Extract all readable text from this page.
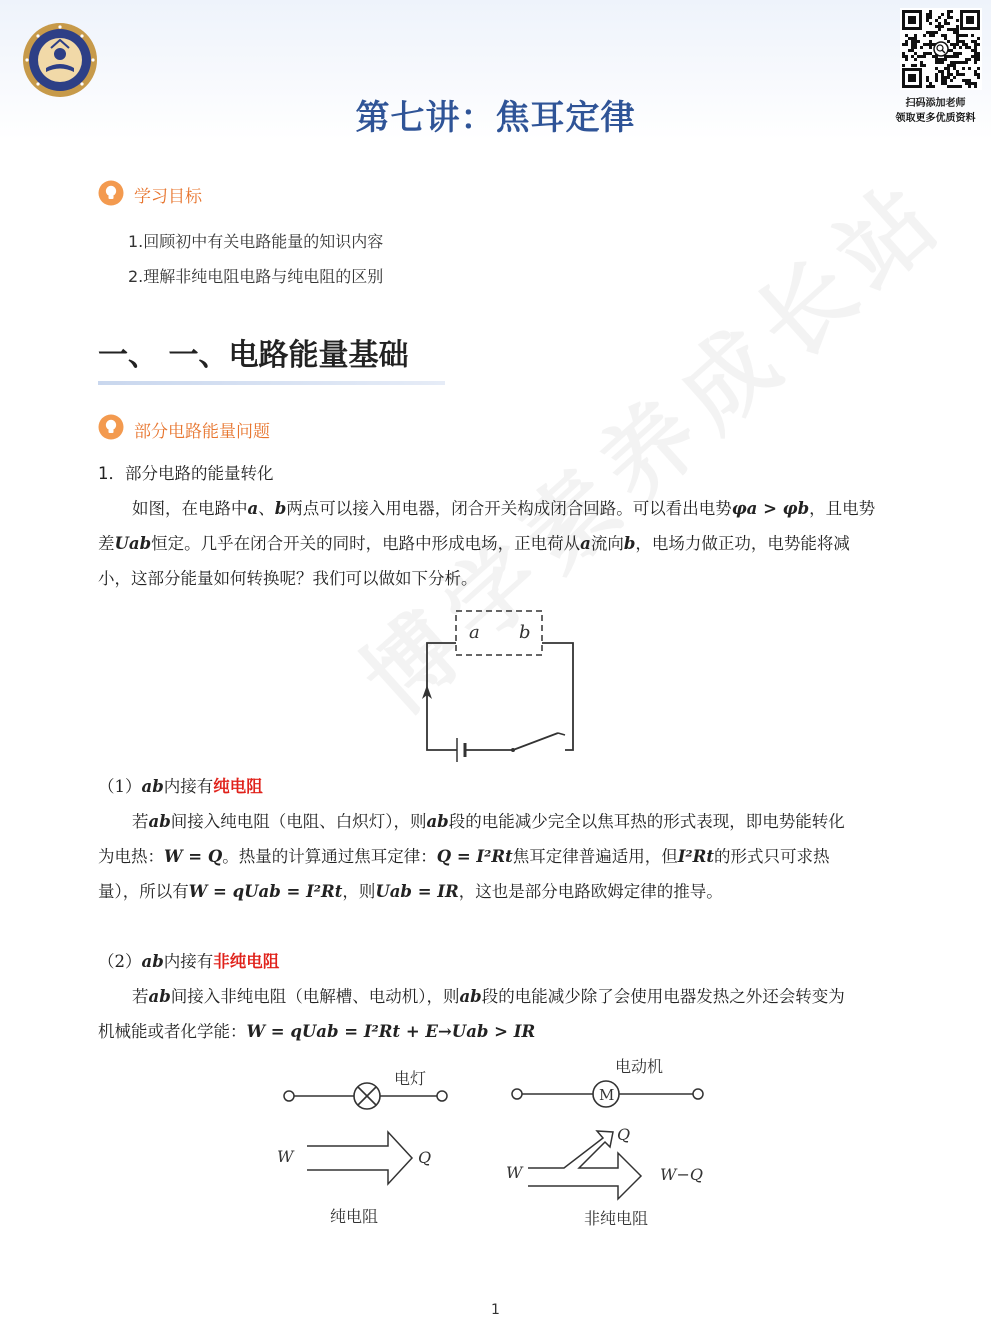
扫码添加老师
领取更多优质资料
第七讲：焦耳定律
学习目标
1.回顾初中有关电路能量的知识内容
2.理解非纯电阻电路与纯电阻的区别
一、 一、电路能量基础
部分电路能量问题
1．部分电路的能量转化
如图，在电路中a、b两点可以接入用电器，闭合开关构成闭合回路。可以看出电势φa > φb，且电势
差Uab恒定。几乎在闭合开关的同时，电路中形成电场，正电荷从a流向b，电场力做正功，电势能将减
小，这部分能量如何转换呢？我们可以做如下分析。
a b
（1）ab内接有纯电阻
若ab间接入纯电阻（电阻、白炽灯），则ab段的电能减少完全以焦耳热的形式表现，即电势能转化
为电热：W = Q。热量的计算通过焦耳定律：Q = I²Rt焦耳定律普遍适用，但I²Rt的形式只可求热
量），所以有W = qUab = I²Rt，则Uab = IR，这也是部分电路欧姆定律的推导。
（2）ab内接有非纯电阻
若ab间接入非纯电阻（电解槽、电动机），则ab段的电能减少除了会使用电器发热之外还会转变为
机械能或者化学能：W = qUab = I²Rt + E→Uab > IR
电灯
W	Q
纯电阻
M
电动机
W
Q
W−Q
非纯电阻
1
